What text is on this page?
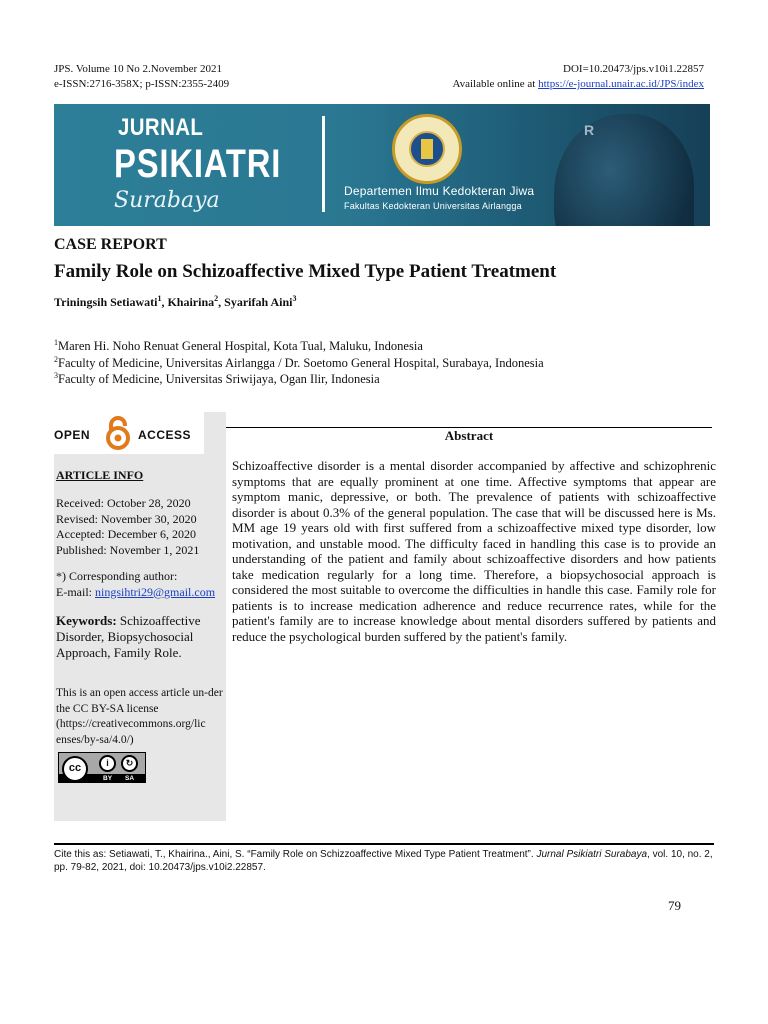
JPS. Volume 10 No 2.November 2021
e-ISSN:2716-358X; p-ISSN:2355-2409
DOI=10.20473/jps.v10i1.22857
Available online at https://e-journal.unair.ac.id/JPS/index
R
JURNAL
PSIKIATRI
Surabaya	Departemen Ilmu Kedokteran Jiwa
Fakultas Kedokteran Universitas Airlangga
CASE REPORT
Family Role on Schizoaffective Mixed Type Patient Treatment
Triningsih Setiawati$^1$, Khairina$^2$, Syarifah Aini$^3$
$^1$Maren Hi. Noho Renuat General Hospital, Kota Tual, Maluku, Indonesia
$^2$Faculty of Medicine, Universitas Airlangga / Dr. Soetomo General Hospital, Surabaya, Indonesia
$^3$Faculty of Medicine, Universitas Sriwijaya, Ogan Ilir, Indonesia
OPEN	ACCESS
ARTICLE INFO
Received: October 28, 2020
Revised: November 30, 2020
Accepted: December 6, 2020
Published: November 1, 2021
*) Corresponding author:
E-mail: ningsihtri29@gmail.com
Keywords: Schizoaffective Disorder, Biopsychosocial Approach, Family Role.
This is an open access article un-der the CC BY-SA license (https://creativecommons.org/lic enses/by-sa/4.0/)
cc	i	↻
BY SA
Abstract
Schizoaffective disorder is a mental disorder accompanied by affective and schizophrenic symptoms that are equally prominent at one time. Affective symptoms that appear are symptom manic, depressive, or both. The prevalence of patients with schizoaffective disorder is about 0.3% of the general population. The case that will be discussed here is Ms. MM age 19 years old with first suffered from a schizoaffective mixed type disorder, low motivation, and unstable mood. The difficulty faced in handling this case is to provide an understanding of the patient and family about schizoaffective disorders and how patients take medication regularly for a long time. Therefore, a biopsychosocial approach is considered the most suitable to overcome the difficulties in handle this case. Family role for patients is to increase medication adherence and reduce recurrence rates, while for the patient's family are to increase knowledge about mental disorders suffered by patients and reduce the psychological burden suffered by the patient's family.
Cite this as: Setiawati, T., Khairina., Aini, S. “Family Role on Schizzoaffective Mixed Type Patient Treatment”. Jurnal Psikiatri Surabaya, vol. 10, no. 2, pp. 79-82, 2021, doi: 10.20473/jps.v10i2.22857.
79
